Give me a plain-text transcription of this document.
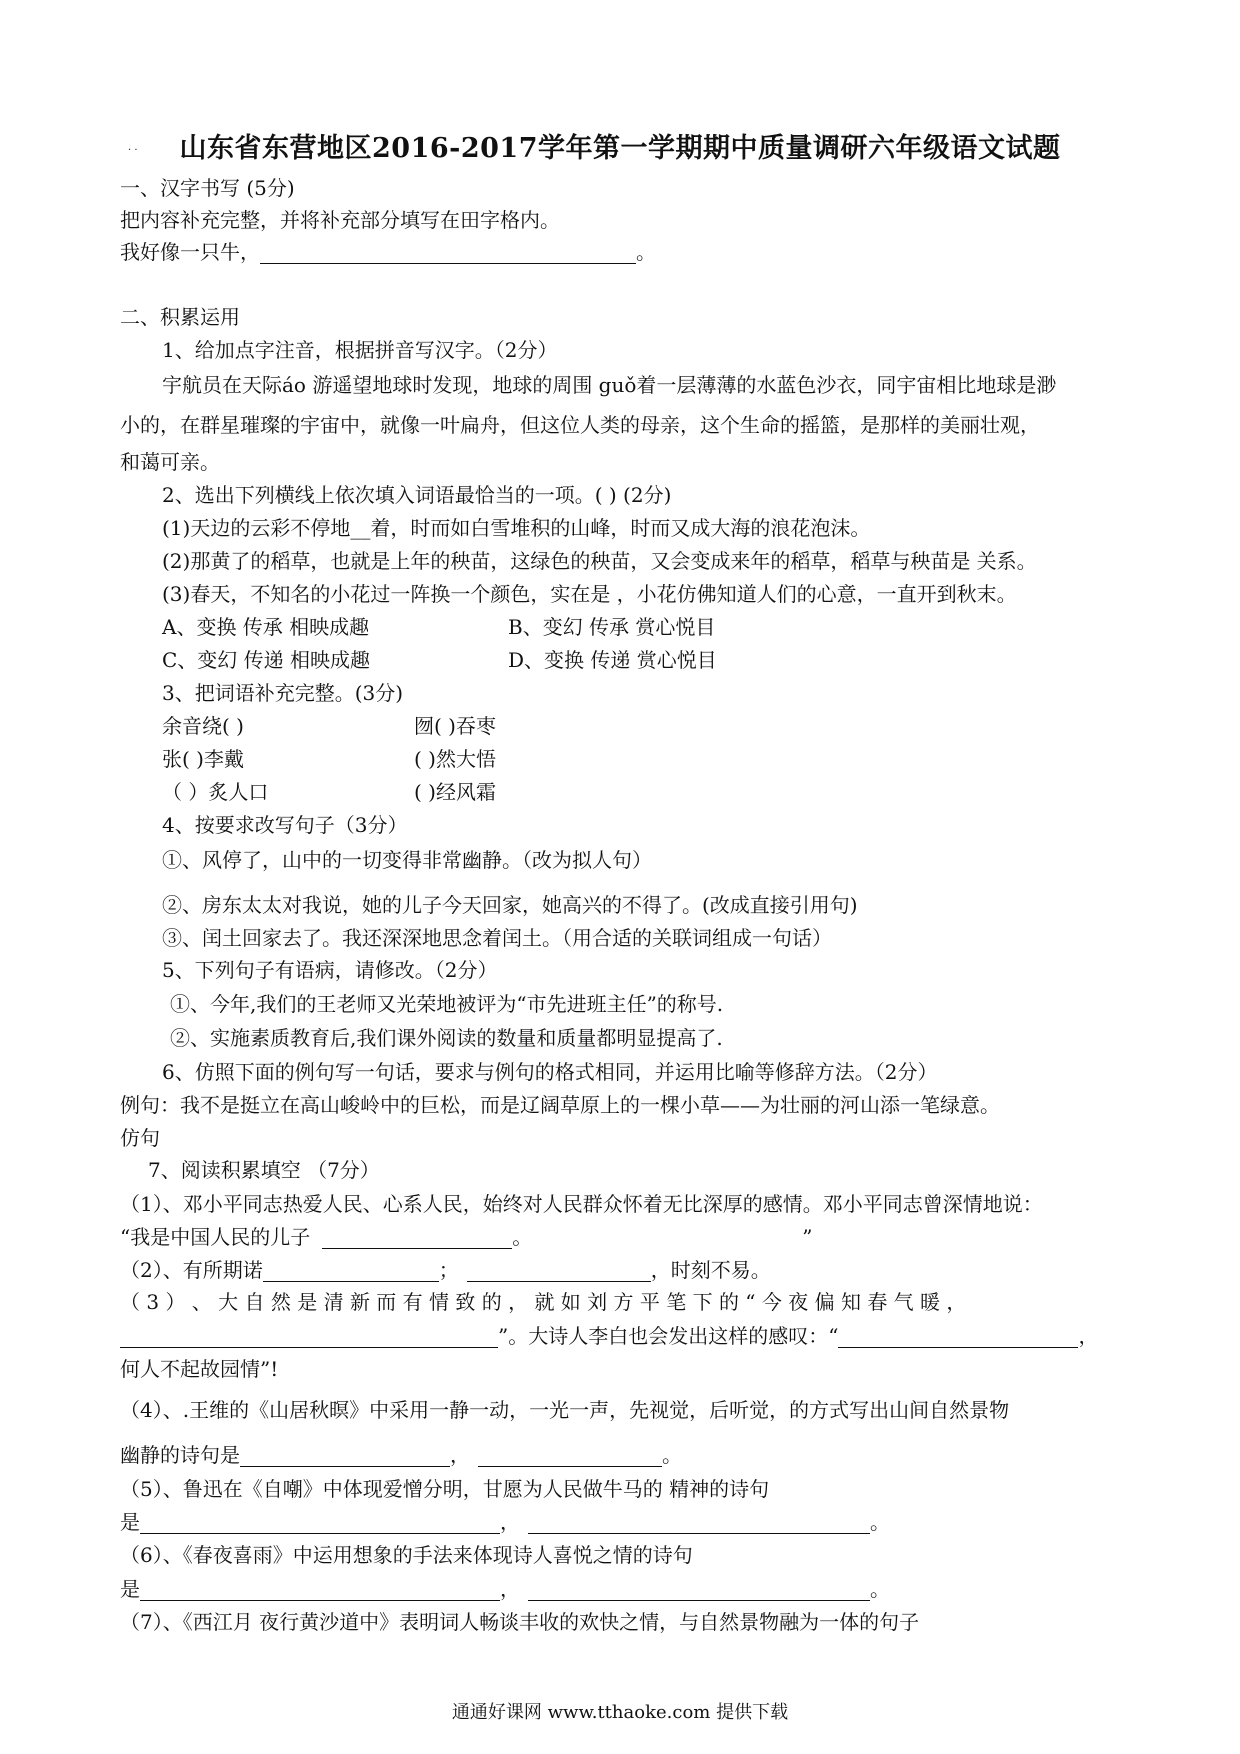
. .	山东省东营地区2016-2017学年第一学期期中质量调研六年级语文试题
一、汉字书写 (5分)
把内容补充完整，并将补充部分填写在田字格内。
我好像一只牛，	。
二、积累运用
1、给加点字注音，根据拼音写汉字。（2分）
宇航员在天际áo 游遥望地球时发现，地球的周围 guǒ着一层薄薄的水蓝色沙衣，同宇宙相比地球是渺
小的，在群星璀璨的宇宙中，就像一叶扁舟，但这位人类的母亲，这个生命的摇篮，是那样的美丽壮观，
和蔼可亲。
2、选出下列横线上依次填入词语最恰当的一项。( ) (2分)
(1)天边的云彩不停地__着，时而如白雪堆积的山峰，时而又成大海的浪花泡沫。
(2)那黄了的稻草，也就是上年的秧苗，这绿色的秧苗，又会变成来年的稻草，稻草与秧苗是 关系。
(3)春天，不知名的小花过一阵换一个颜色，实在是 ，小花仿佛知道人们的心意，一直开到秋末。
A、变换 传承 相映成趣	B、变幻 传承 赏心悦目
C、变幻 传递 相映成趣	D、变换 传递 赏心悦目
3、把词语补充完整。(3分)
余音绕( )	囫( )吞枣
张( )李戴	( )然大悟
（ ）炙人口	( )经风霜
4、按要求改写句子（3分）
①、风停了，山中的一切变得非常幽静。（改为拟人句）
②、房东太太对我说，她的儿子今天回家，她高兴的不得了。(改成直接引用句)
③、闰土回家去了。我还深深地思念着闰土。（用合适的关联词组成一句话）
5、下列句子有语病，请修改。（2分）
①、今年,我们的王老师又光荣地被评为“市先进班主任”的称号.
②、实施素质教育后,我们课外阅读的数量和质量都明显提高了.
6、仿照下面的例句写一句话，要求与例句的格式相同，并运用比喻等修辞方法。（2分）
例句：我不是挺立在高山峻岭中的巨松，而是辽阔草原上的一棵小草——为壮丽的河山添一笔绿意。
仿句
7、阅读积累填空 （7分）
（1）、邓小平同志热爱人民、心系人民，始终对人民群众怀着无比深厚的感情。邓小平同志曾深情地说：
“我是中国人民的儿子	。	”
（2）、有所期诺	；	，时刻不易。
（ 3 ） 、 大 自 然 是 清 新 而 有 情 致 的 ， 就 如 刘 方 平 笔 下 的 “ 今 夜 偏 知 春 气 暖 ，
”。大诗人李白也会发出这样的感叹：“	，
何人不起故园情”!
（4）、.王维的《山居秋暝》中采用一静一动，一光一声，先视觉，后听觉，的方式写出山间自然景物
幽静的诗句是	，	。
（5）、鲁迅在《自嘲》中体现爱憎分明，甘愿为人民做牛马的 精神的诗句
是	，	。
（6）、《春夜喜雨》中运用想象的手法来体现诗人喜悦之情的诗句
是	，	。
（7）、《西江月 夜行黄沙道中》表明词人畅谈丰收的欢快之情，与自然景物融为一体的句子
通通好课网 www.tthaoke.com 提供下载
